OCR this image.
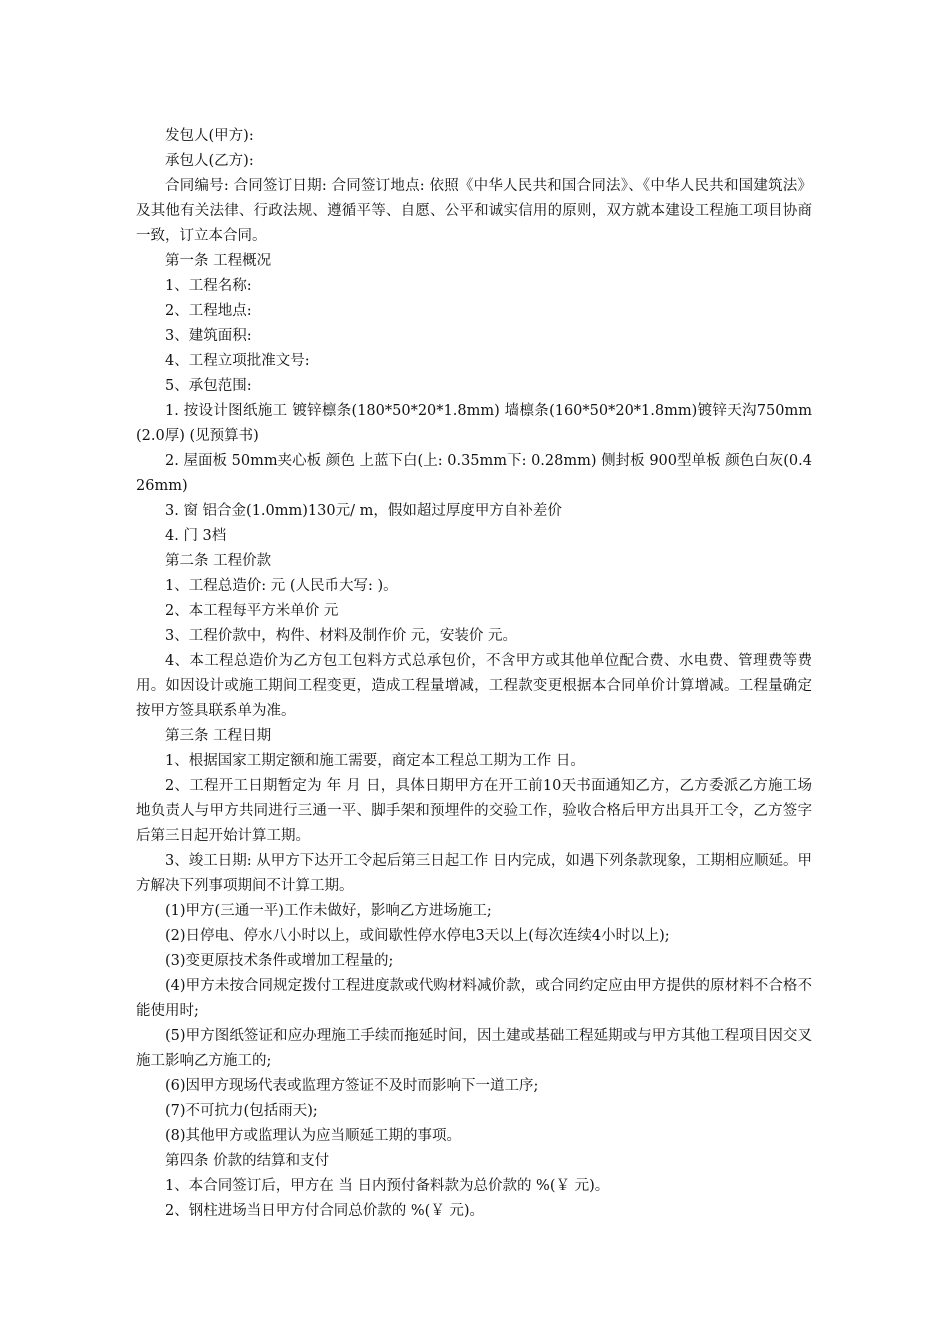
发包人(甲方):

承包人(乙方):

合同编号: 合同签订日期: 合同签订地点: 依照《中华人民共和国合同法》、《中华人民共和国建筑法》及其他有关法律、行政法规、遵循平等、自愿、公平和诚实信用的原则，双方就本建设工程施工项目协商一致，订立本合同。

第一条 工程概况

1、工程名称:

2、工程地点:

3、建筑面积:

4、工程立项批准文号:

5、承包范围:

1. 按设计图纸施工 镀锌檩条(180*50*20*1.8mm) 墙檩条(160*50*20*1.8mm)镀锌天沟750mm(2.0厚) (见预算书)

2. 屋面板 50mm夹心板 颜色 上蓝下白(上: 0.35mm下: 0.28mm) 侧封板 900型单板 颜色白灰(0.426mm)

3. 窗 铝合金(1.0mm)130元/ m，假如超过厚度甲方自补差价

4. 门 3档

第二条 工程价款

1、工程总造价: 元 (人民币大写: )。

2、本工程每平方米单价 元

3、工程价款中，构件、材料及制作价 元，安装价 元。

4、本工程总造价为乙方包工包料方式总承包价，不含甲方或其他单位配合费、水电费、管理费等费用。如因设计或施工期间工程变更，造成工程量增减，工程款变更根据本合同单价计算增减。工程量确定按甲方签具联系单为准。

第三条 工程日期

1、根据国家工期定额和施工需要，商定本工程总工期为工作 日。

2、工程开工日期暂定为 年 月 日，具体日期甲方在开工前10天书面通知乙方，乙方委派乙方施工场地负责人与甲方共同进行三通一平、脚手架和预埋件的交验工作，验收合格后甲方出具开工令，乙方签字后第三日起开始计算工期。

3、竣工日期: 从甲方下达开工令起后第三日起工作 日内完成，如遇下列条款现象，工期相应顺延。甲方解决下列事项期间不计算工期。

(1)甲方(三通一平)工作未做好，影响乙方进场施工;

(2)日停电、停水八小时以上，或间歇性停水停电3天以上(每次连续4小时以上);

(3)变更原技术条件或增加工程量的;

(4)甲方未按合同规定拨付工程进度款或代购材料减价款，或合同约定应由甲方提供的原材料不合格不能使用时;

(5)甲方图纸签证和应办理施工手续而拖延时间，因土建或基础工程延期或与甲方其他工程项目因交叉施工影响乙方施工的;

(6)因甲方现场代表或监理方签证不及时而影响下一道工序;

(7)不可抗力(包括雨天);

(8)其他甲方或监理认为应当顺延工期的事项。

第四条 价款的结算和支付

1、本合同签订后，甲方在 当 日内预付备料款为总价款的 %(￥ 元)。

2、钢柱进场当日甲方付合同总价款的 %(￥ 元)。
